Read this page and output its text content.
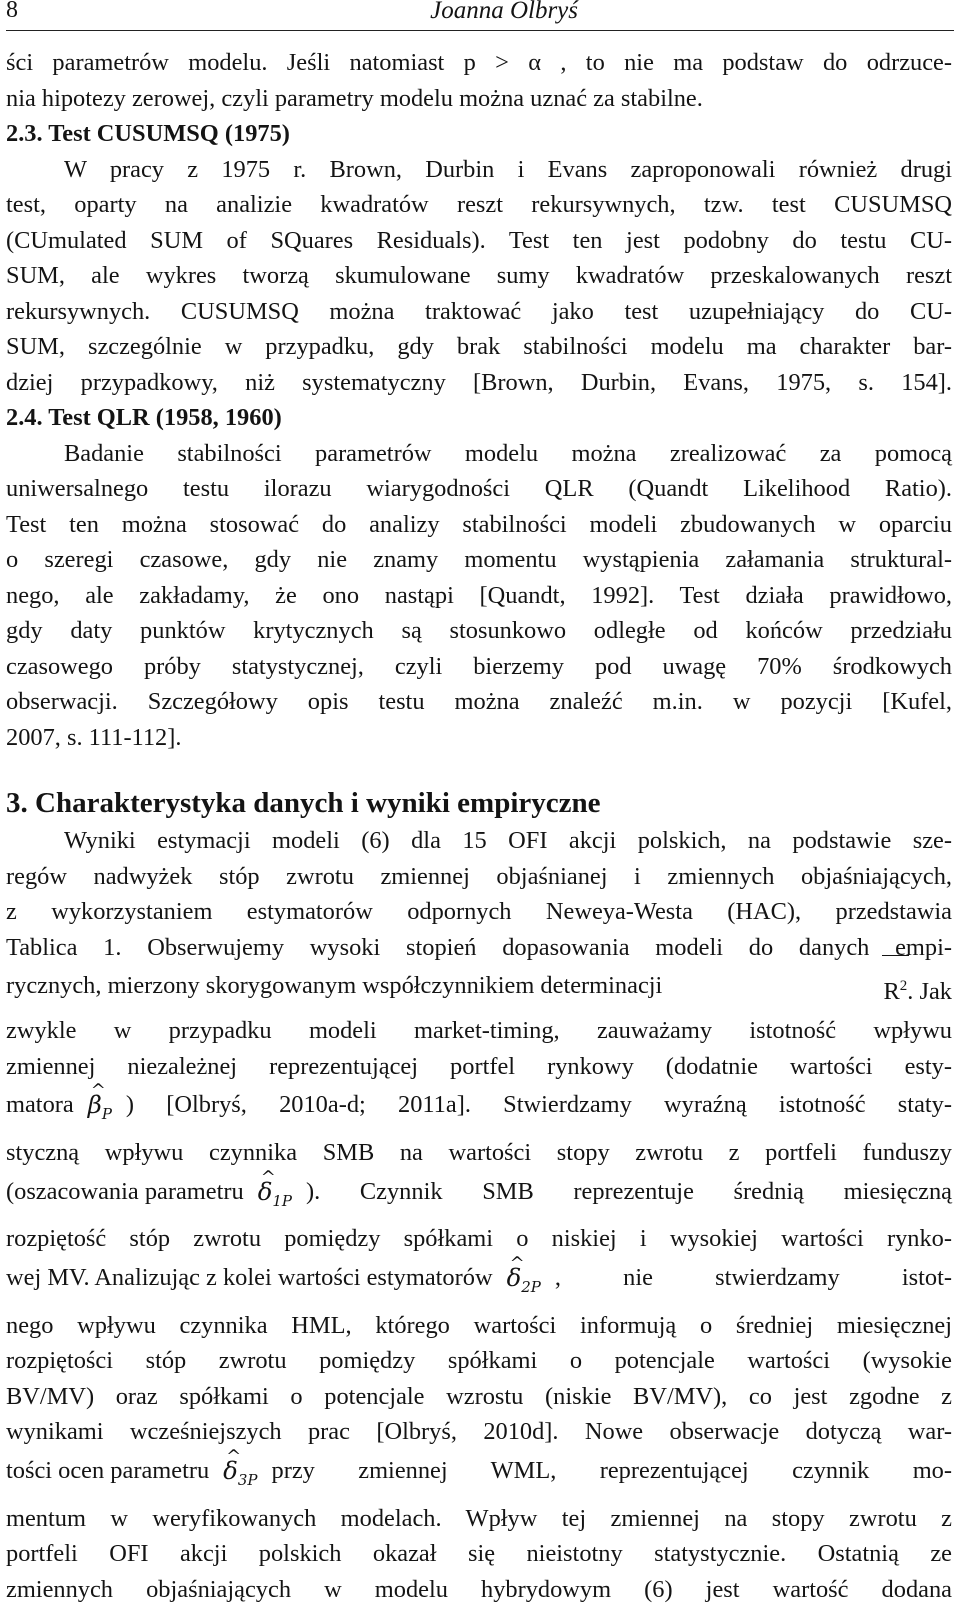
8	Joanna Olbryś
ści parametrów modelu. Jeśli natomiast p > α , to nie ma podstaw do odrzuce-
nia hipotezy zerowej, czyli parametry modelu można uznać za stabilne.
2.3. Test CUSUMSQ (1975)
W pracy z 1975 r. Brown, Durbin i Evans zaproponowali również drugi
test, oparty na analizie kwadratów reszt rekursywnych, tzw. test CUSUMSQ
(CUmulated SUM of SQuares Residuals). Test ten jest podobny do testu CU-
SUM, ale wykres tworzą skumulowane sumy kwadratów przeskalowanych reszt
rekursywnych. CUSUMSQ można traktować jako test uzupełniający do CU-
SUM, szczególnie w przypadku, gdy brak stabilności modelu ma charakter bar-
dziej przypadkowy, niż systematyczny [Brown, Durbin, Evans, 1975, s. 154].
2.4. Test QLR (1958, 1960)
Badanie stabilności parametrów modelu można zrealizować za pomocą
uniwersalnego testu ilorazu wiarygodności QLR (Quandt Likelihood Ratio).
Test ten można stosować do analizy stabilności modeli zbudowanych w oparciu
o szeregi czasowe, gdy nie znamy momentu wystąpienia załamania struktural-
nego, ale zakładamy, że ono nastąpi [Quandt, 1992]. Test działa prawidłowo,
gdy daty punktów krytycznych są stosunkowo odległe od końców przedziału
czasowego próby statystycznej, czyli bierzemy pod uwagę 70% środkowych
obserwacji. Szczegółowy opis testu można znaleźć m.in. w pozycji [Kufel,
2007, s. 111-112].
3. Charakterystyka danych i wyniki empiryczne
Wyniki estymacji modeli (6) dla 15 OFI akcji polskich, na podstawie sze-
regów nadwyżek stóp zwrotu zmiennej objaśnianej i zmiennych objaśniających,
z wykorzystaniem estymatorów odpornych Neweya-Westa (HAC), przedstawia
Tablica 1. Obserwujemy wysoki stopień dopasowania modeli do danych empi-
rycznych, mierzony skorygowanym współczynnikiem determinacji	$R^2$. Jak
zwykle w przypadku modeli market-timing, zauważamy istotność wpływu
zmiennej niezależnej reprezentującej portfel rynkowy (dodatnie wartości esty-
matora ^ $\beta_P$ ) [Olbryś, 2010a-d; 2011a]. Stwierdzamy wyraźną istotność staty-
styczną wpływu czynnika SMB na wartości stopy zwrotu z portfeli funduszy
(oszacowania parametru ^ $\delta_{1P}$ ). Czynnik SMB reprezentuje średnią miesięczną
rozpiętość stóp zwrotu pomiędzy spółkami o niskiej i wysokiej wartości rynko-
wej MV. Analizując z kolei wartości estymatorów ^ $\delta_{2P}$ , nie stwierdzamy istot-
nego wpływu czynnika HML, którego wartości informują o średniej miesięcznej
rozpiętości stóp zwrotu pomiędzy spółkami o potencjale wartości (wysokie
BV/MV) oraz spółkami o potencjale wzrostu (niskie BV/MV), co jest zgodne z
wynikami wcześniejszych prac [Olbryś, 2010d]. Nowe obserwacje dotyczą war-
tości ocen parametru ^ $\delta_{3P}$ przy zmiennej WML, reprezentującej czynnik mo-
mentum w weryfikowanych modelach. Wpływ tej zmiennej na stopy zwrotu z
portfeli OFI akcji polskich okazał się nieistotny statystycznie. Ostatnią ze
zmiennych objaśniających w modelu hybrydowym (6) jest wartość dodana
